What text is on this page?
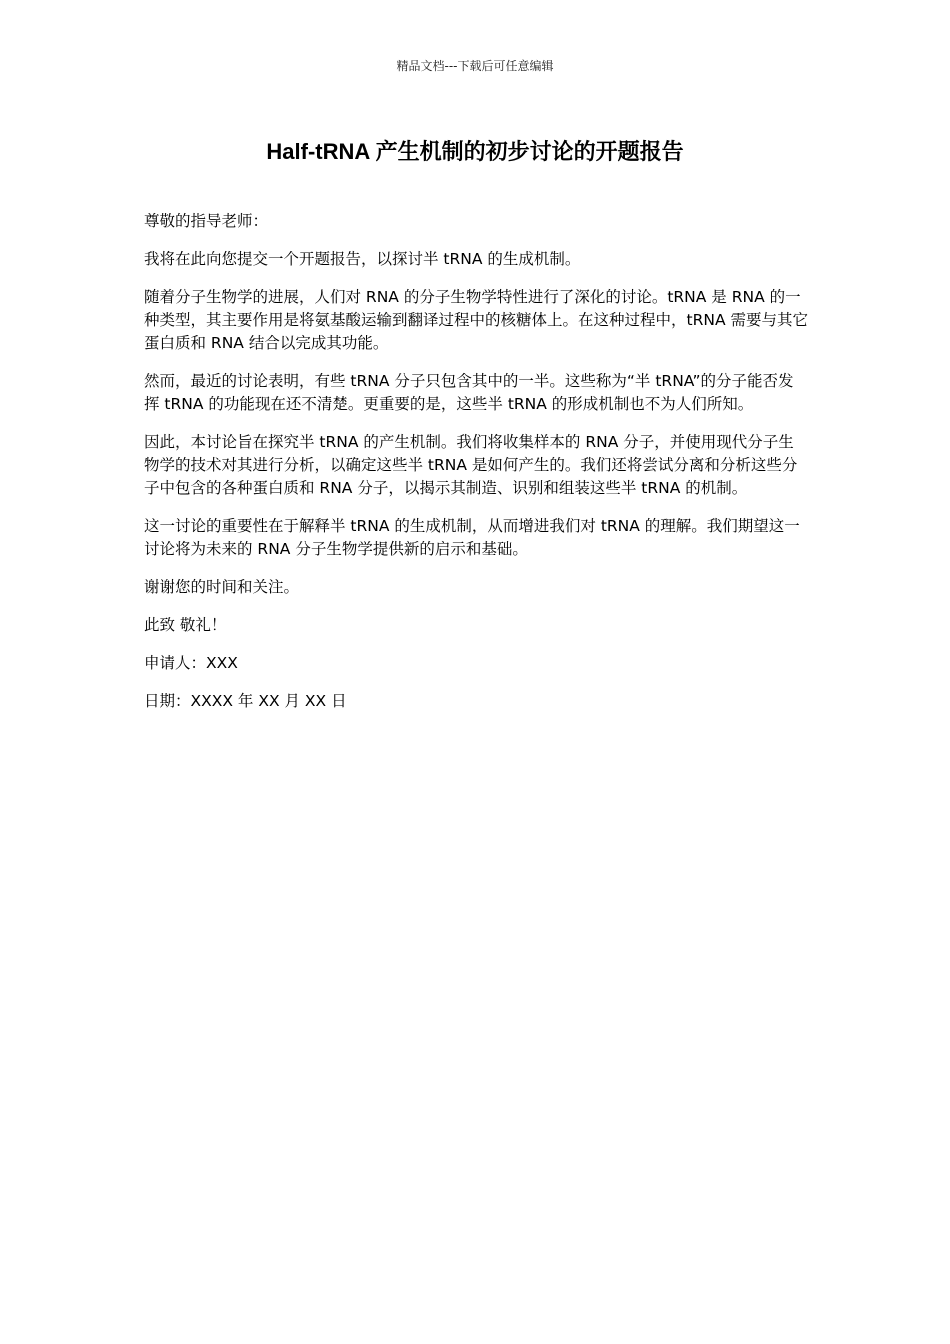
精品文档---下载后可任意编辑
Half-tRNA 产生机制的初步讨论的开题报告

尊敬的指导老师：

我将在此向您提交一个开题报告，以探讨半 tRNA 的生成机制。

随着分子生物学的进展，人们对 RNA 的分子生物学特性进行了深化的讨论。tRNA 是 RNA 的一种类型，其主要作用是将氨基酸运输到翻译过程中的核糖体上。在这种过程中，tRNA 需要与其它蛋白质和 RNA 结合以完成其功能。

然而，最近的讨论表明，有些 tRNA 分子只包含其中的一半。这些称为“半 tRNA”的分子能否发挥 tRNA 的功能现在还不清楚。更重要的是，这些半 tRNA 的形成机制也不为人们所知。

因此，本讨论旨在探究半 tRNA 的产生机制。我们将收集样本的 RNA 分子，并使用现代分子生物学的技术对其进行分析，以确定这些半 tRNA 是如何产生的。我们还将尝试分离和分析这些分子中包含的各种蛋白质和 RNA 分子，以揭示其制造、识别和组装这些半 tRNA 的机制。

这一讨论的重要性在于解释半 tRNA 的生成机制，从而增进我们对 tRNA 的理解。我们期望这一讨论将为未来的 RNA 分子生物学提供新的启示和基础。

谢谢您的时间和关注。

此致 敬礼！

申请人：XXX

日期：XXXX 年 XX 月 XX 日
